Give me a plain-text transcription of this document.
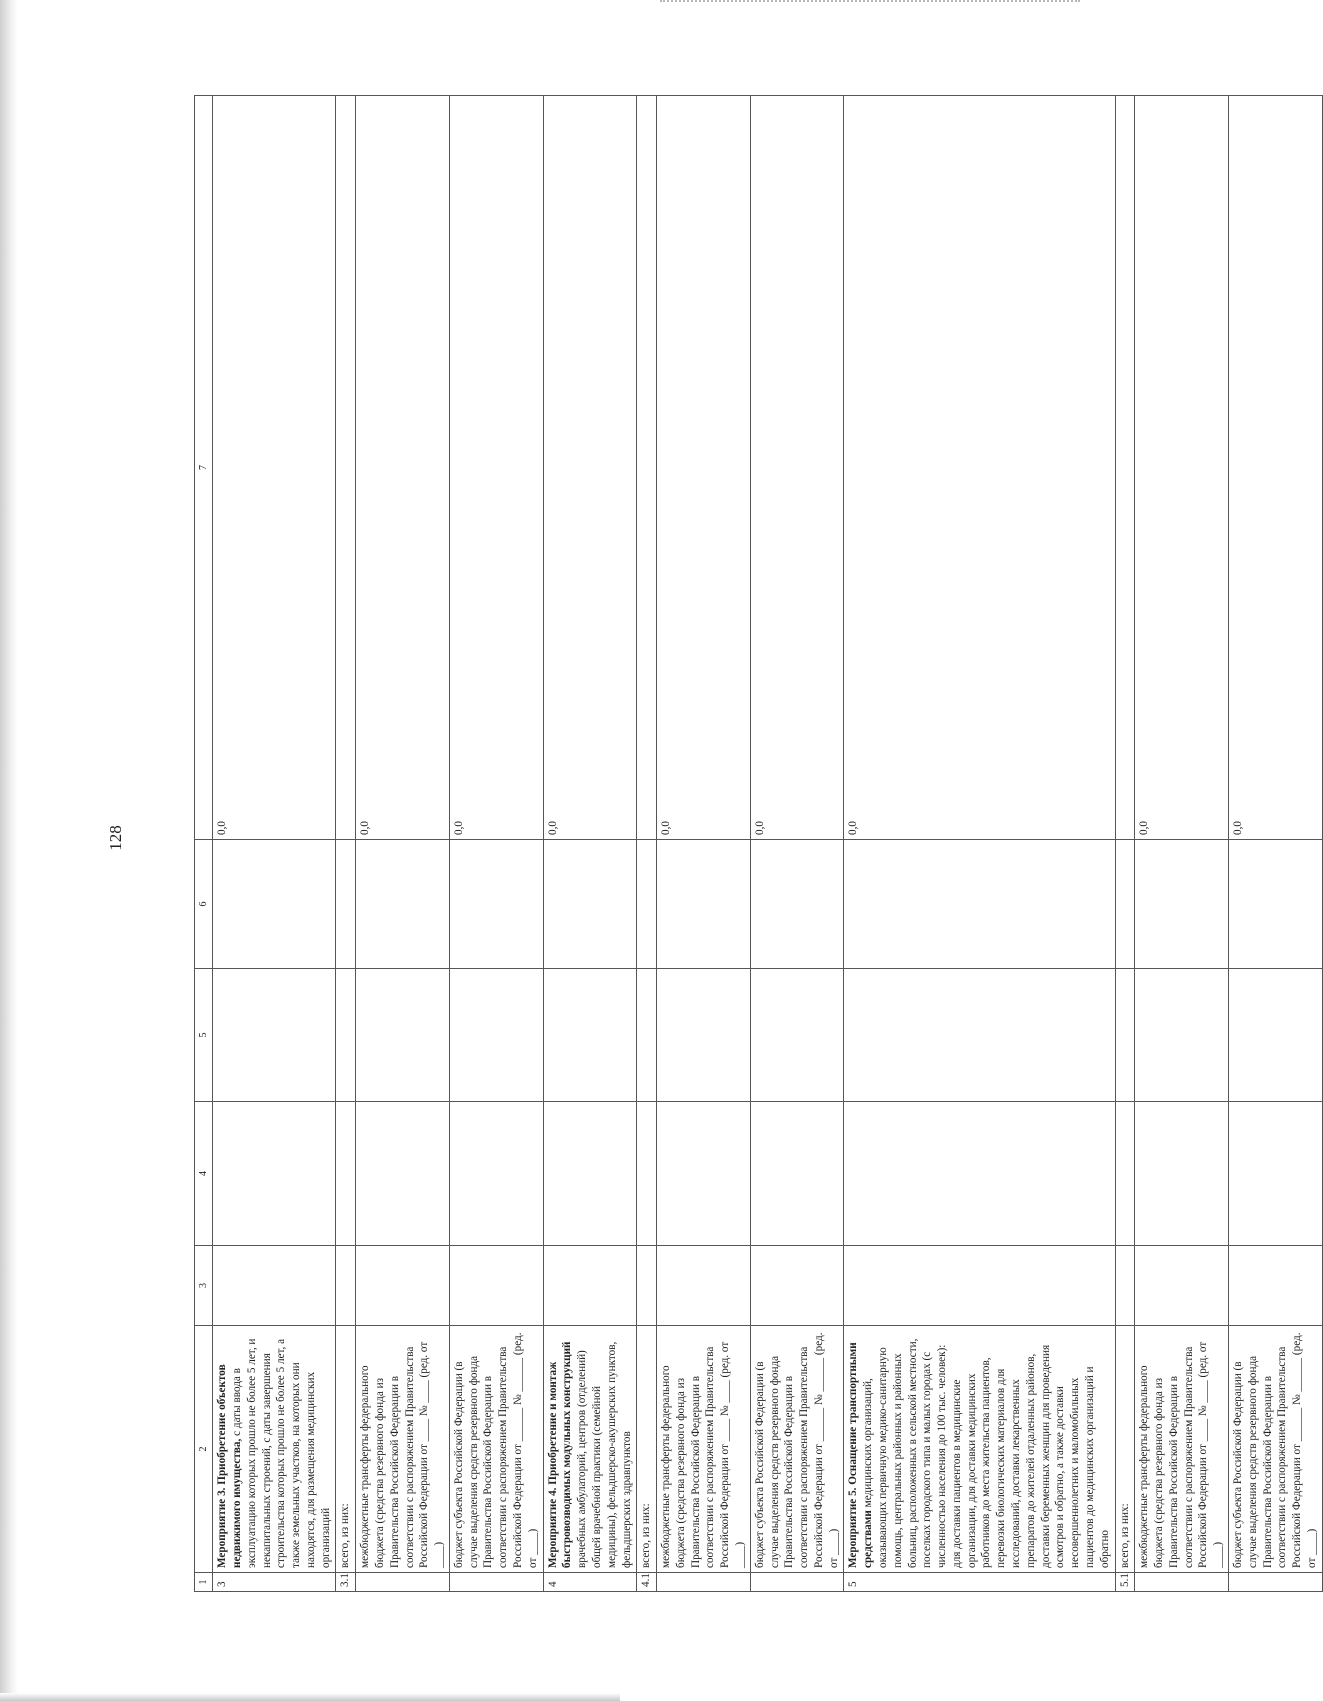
128
1	2	3	4	5	6	7
3	Мероприятие 3. Приобретение объектов недвижимого имущества, с даты ввода в эксплуатацию которых прошло не более 5 лет, и некапитальных строений, с даты завершения строительства которых прошло не более 5 лет, а также земельных участков, на которых они находятся, для размещения медицинских организаций					0,0
3.1	всего, из них:					
	межбюджетные трансферты федерального бюджета (средства резервного фонда из Правительства Российской Федерации в соответствии с распоряжением Правительства Российской Федерации от ____ № ____ (ред. от ____)					0,0
	бюджет субъекта Российской Федерации (в случае выделения средств резервного фонда Правительства Российской Федерации в соответствии с распоряжением Правительства Российской Федерации от ______ № ______ (ред. от ____)					0,0
4	Мероприятие 4. Приобретение и монтаж быстровозводимых модульных конструкций врачебных амбулаторий, центров (отделений) общей врачебной практики (семейной медицины), фельдшерско-акушерских пунктов, фельдшерских здравпунктов					0,0
4.1	всего, из них:					
	межбюджетные трансферты федерального бюджета (средства резервного фонда из Правительства Российской Федерации в соответствии с распоряжением Правительства Российской Федерации от ____ № ____ (ред. от ____)					0,0
	бюджет субъекта Российской Федерации (в случае выделения средств резервного фонда Правительства Российской Федерации в соответствии с распоряжением Правительства Российской Федерации от ______ № ______ (ред. от ____)					0,0
5	Мероприятие 5. Оснащение транспортными средствами медицинских организаций, оказывающих первичную медико-санитарную помощь, центральных районных и районных больниц, расположенных в сельской местности, поселках городского типа и малых городах (с численностью населения до 100 тыс. человек): для доставки пациентов в медицинские организации, для доставки медицинских работников до места жительства пациентов, перевозки биологических материалов для исследований, доставки лекарственных препаратов до жителей отдаленных районов, доставки беременных женщин для проведения осмотров и обратно, а также доставки несовершеннолетних и маломобильных пациентов до медицинских организаций и обратно					0,0
5.1	всего, из них:					
	межбюджетные трансферты федерального бюджета (средства резервного фонда из Правительства Российской Федерации в соответствии с распоряжением Правительства Российской Федерации от ____ № ____ (ред. от ____)					0,0
	бюджет субъекта Российской Федерации (в случае выделения средств резервного фонда Правительства Российской Федерации в соответствии с распоряжением Правительства Российской Федерации от ______ № ______ (ред. от ____)					0,0
